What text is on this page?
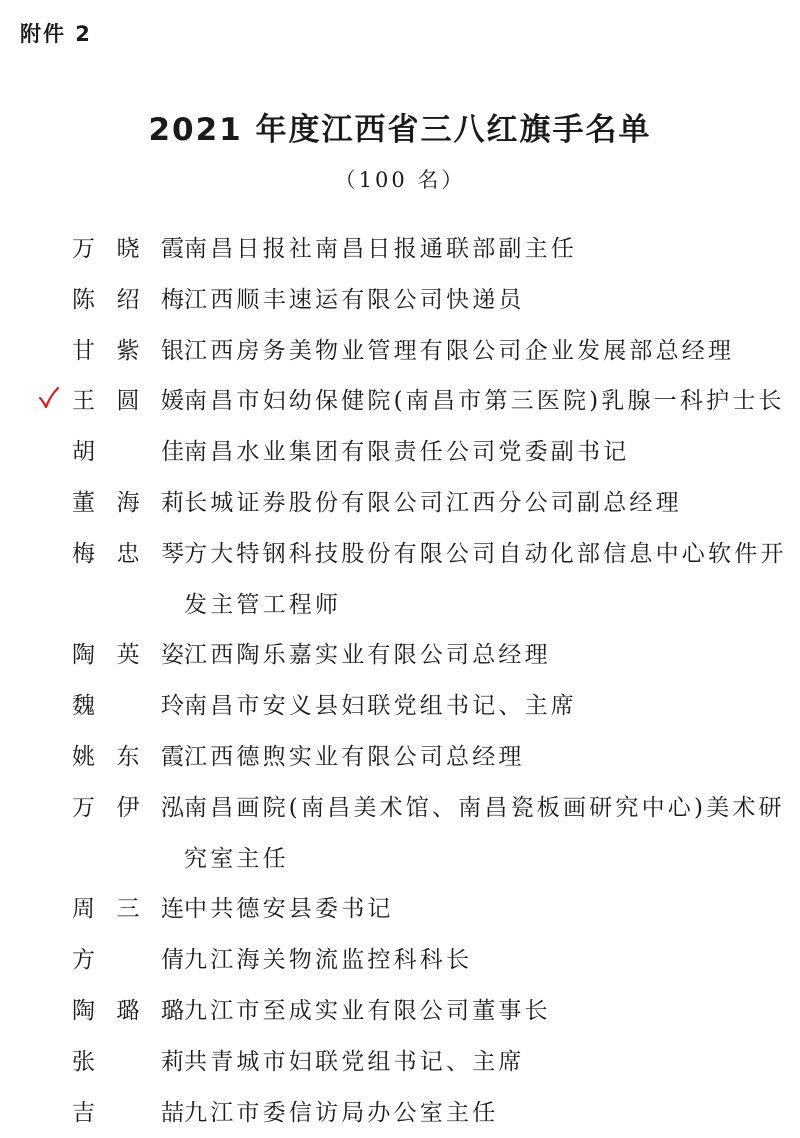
附件 2
2021 年度江西省三八红旗手名单
（100 名）
万 晓 霞 南昌日报社南昌日报通联部副主任
陈 绍 梅 江西顺丰速运有限公司快递员
甘 紫 银 江西房务美物业管理有限公司企业发展部总经理
王 圆 媛 南昌市妇幼保健院(南昌市第三医院)乳腺一科护士长
胡 佳 南昌水业集团有限责任公司党委副书记
董 海 莉 长城证券股份有限公司江西分公司副总经理
梅 忠 琴 方大特钢科技股份有限公司自动化部信息中心软件开发主管工程师
陶 英 姿 江西陶乐嘉实业有限公司总经理
魏 玲 南昌市安义县妇联党组书记、主席
姚 东 霞 江西德煦实业有限公司总经理
万 伊 泓 南昌画院(南昌美术馆、南昌瓷板画研究中心)美术研究室主任
周 三 连 中共德安县委书记
方 倩 九江海关物流监控科科长
陶 璐 璐 九江市至成实业有限公司董事长
张 莉 共青城市妇联党组书记、主席
吉 喆 九江市委信访局办公室主任
